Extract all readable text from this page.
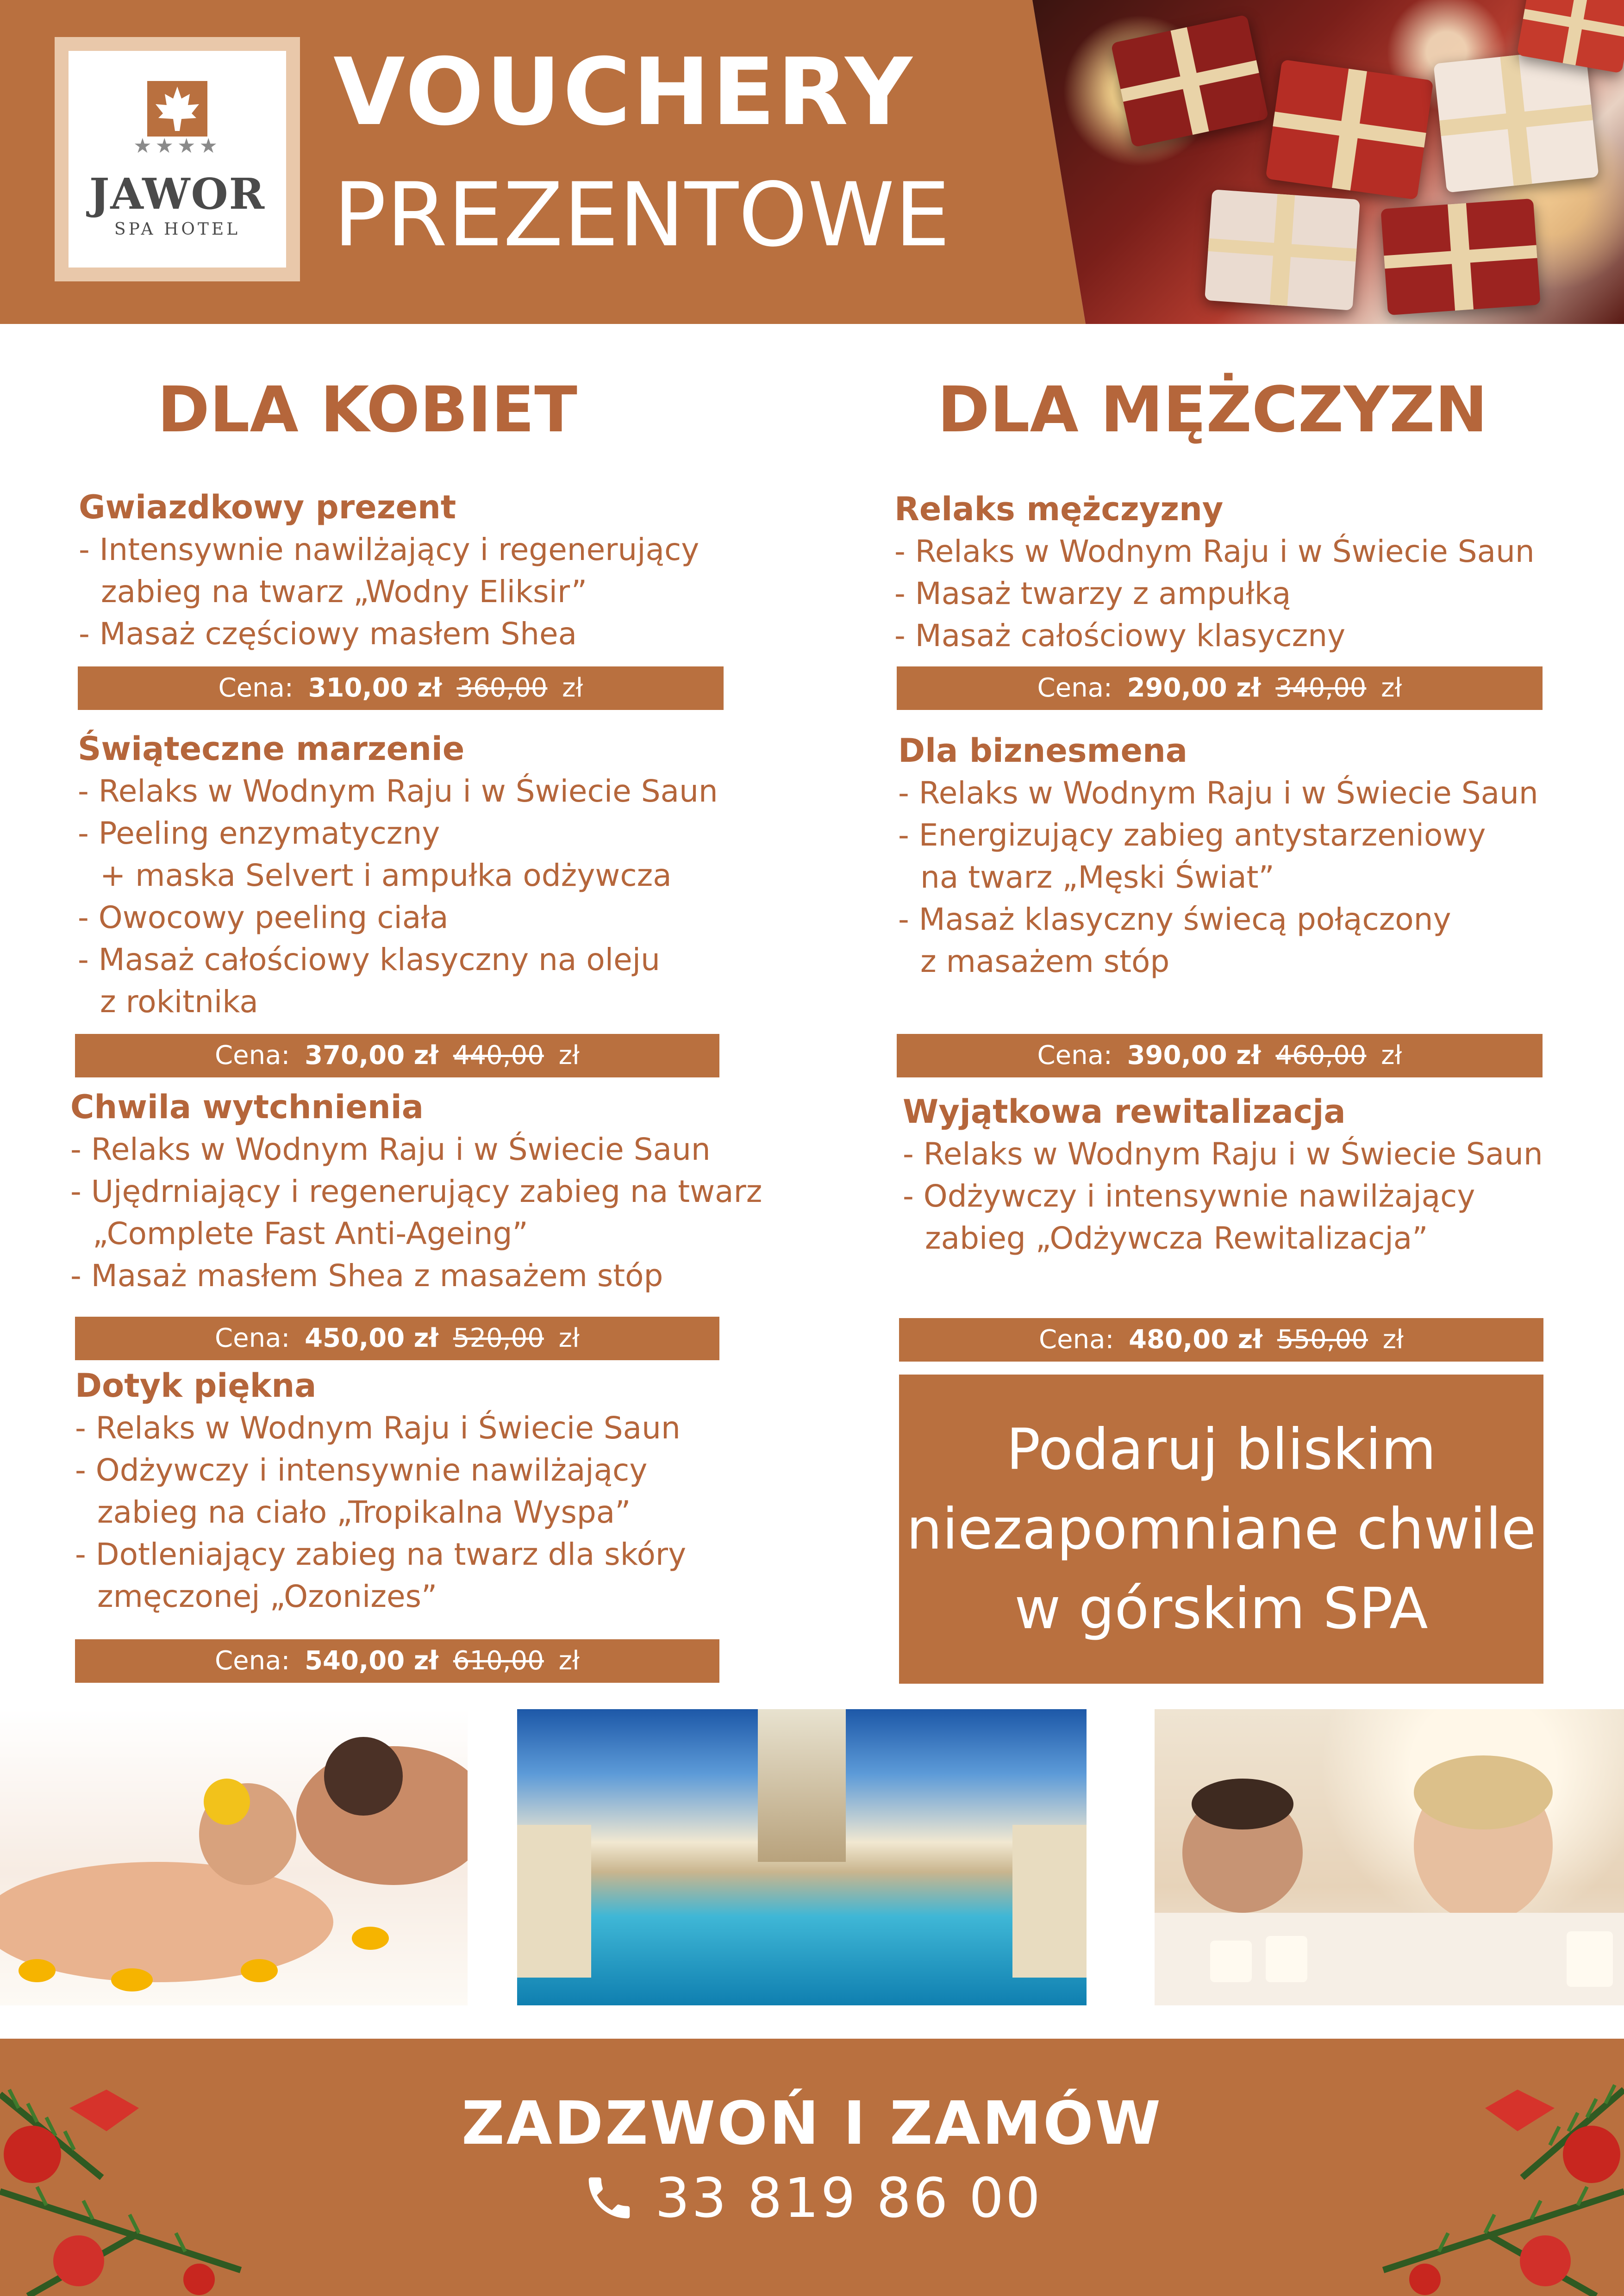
★★★★
JAWOR
SPA HOTEL
VOUCHERY
PREZENTOWE
DLA KOBIET	DLA MĘŻCZYZN
Gwiazdkowy prezent
- Intensywnie nawilżający i regenerujący
zabieg na twarz „Wodny Eliksir”
- Masaż częściowy masłem Shea
Cena: 310,00 zł 360,00 zł
Świąteczne marzenie
- Relaks w Wodnym Raju i w Świecie Saun
- Peeling enzymatyczny
+ maska Selvert i ampułka odżywcza
- Owocowy peeling ciała
- Masaż całościowy klasyczny na oleju
z rokitnika
Cena: 370,00 zł 440,00 zł
Chwila wytchnienia
- Relaks w Wodnym Raju i w Świecie Saun
- Ujędrniający i regenerujący zabieg na twarz
„Complete Fast Anti-Ageing”
- Masaż masłem Shea z masażem stóp
Cena: 450,00 zł 520,00 zł
Dotyk piękna
- Relaks w Wodnym Raju i Świecie Saun
- Odżywczy i intensywnie nawilżający
zabieg na ciało „Tropikalna Wyspa”
- Dotleniający zabieg na twarz dla skóry
zmęczonej „Ozonizes”
Cena: 540,00 zł 610,00 zł
Relaks mężczyzny
- Relaks w Wodnym Raju i w Świecie Saun
- Masaż twarzy z ampułką
- Masaż całościowy klasyczny
Cena: 290,00 zł 340,00 zł
Dla biznesmena
- Relaks w Wodnym Raju i w Świecie Saun
- Energizujący zabieg antystarzeniowy
na twarz „Męski Świat”
- Masaż klasyczny świecą połączony
z masażem stóp
Cena: 390,00 zł 460,00 zł
Wyjątkowa rewitalizacja
- Relaks w Wodnym Raju i w Świecie Saun
- Odżywczy i intensywnie nawilżający
zabieg „Odżywcza Rewitalizacja”
Cena: 480,00 zł 550,00 zł
Podaruj bliskim
niezapomniane chwile
w górskim SPA
ZADZWOŃ I ZAMÓW
33 819 86 00
